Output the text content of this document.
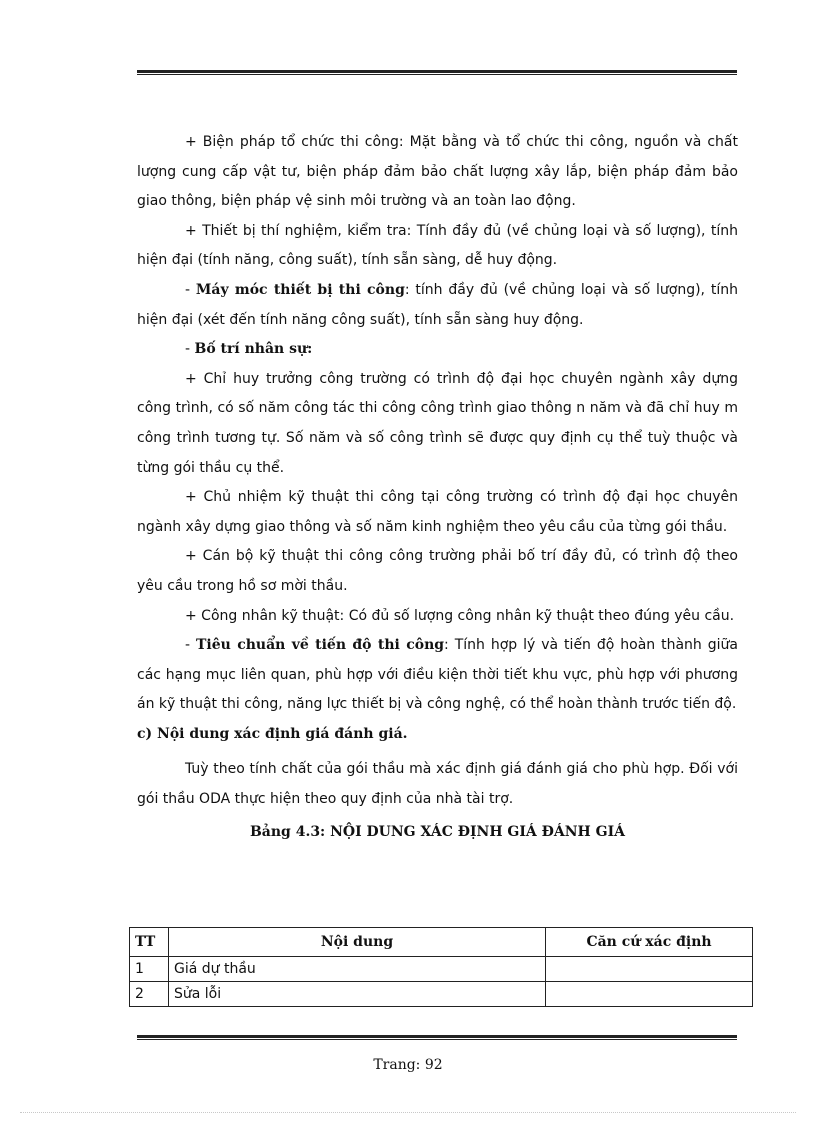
+ Biện pháp tổ chức thi công: Mặt bằng và tổ chức thi công, nguồn và chất lượng cung cấp vật tư, biện pháp đảm bảo chất lượng xây lắp, biện pháp đảm bảo giao thông, biện pháp vệ sinh môi trường và an toàn lao động.

+ Thiết bị thí nghiệm, kiểm tra: Tính đầy đủ (về chủng loại và số lượng), tính hiện đại (tính năng, công suất), tính sẵn sàng, dễ huy động.

- Máy móc thiết bị thi công: tính đầy đủ (về chủng loại và số lượng), tính hiện đại (xét đến tính năng công suất), tính sẵn sàng huy động.

- Bố trí nhân sự:

+ Chỉ huy trưởng công trường có trình độ đại học chuyên ngành xây dựng công trình, có số năm công tác thi công công trình giao thông n năm và đã chỉ huy m công trình tương tự. Số năm và số công trình sẽ được quy định cụ thể tuỳ thuộc và từng gói thầu cụ thể.

+ Chủ nhiệm kỹ thuật thi công tại công trường có trình độ đại học chuyên ngành xây dựng giao thông và số năm kinh nghiệm theo yêu cầu của từng gói thầu.

+ Cán bộ kỹ thuật thi công công trường phải bố trí đầy đủ, có trình độ theo yêu cầu trong hồ sơ mời thầu.

+ Công nhân kỹ thuật: Có đủ số lượng công nhân kỹ thuật theo đúng yêu cầu.

- Tiêu chuẩn về tiến độ thi công: Tính hợp lý và tiến độ hoàn thành giữa các hạng mục liên quan, phù hợp với điều kiện thời tiết khu vực, phù hợp với phương án kỹ thuật thi công, năng lực thiết bị và công nghệ, có thể hoàn thành trước tiến độ.

c) Nội dung xác định giá đánh giá.

Tuỳ theo tính chất của gói thầu mà xác định giá đánh giá cho phù hợp. Đối với gói thầu ODA thực hiện theo quy định của nhà tài trợ.

Bảng 4.3: NỘI DUNG XÁC ĐỊNH GIÁ ĐÁNH GIÁ

TT	Nội dung	Căn cứ xác định
1	Giá dự thầu	
2	Sửa lỗi	
Trang: 92
